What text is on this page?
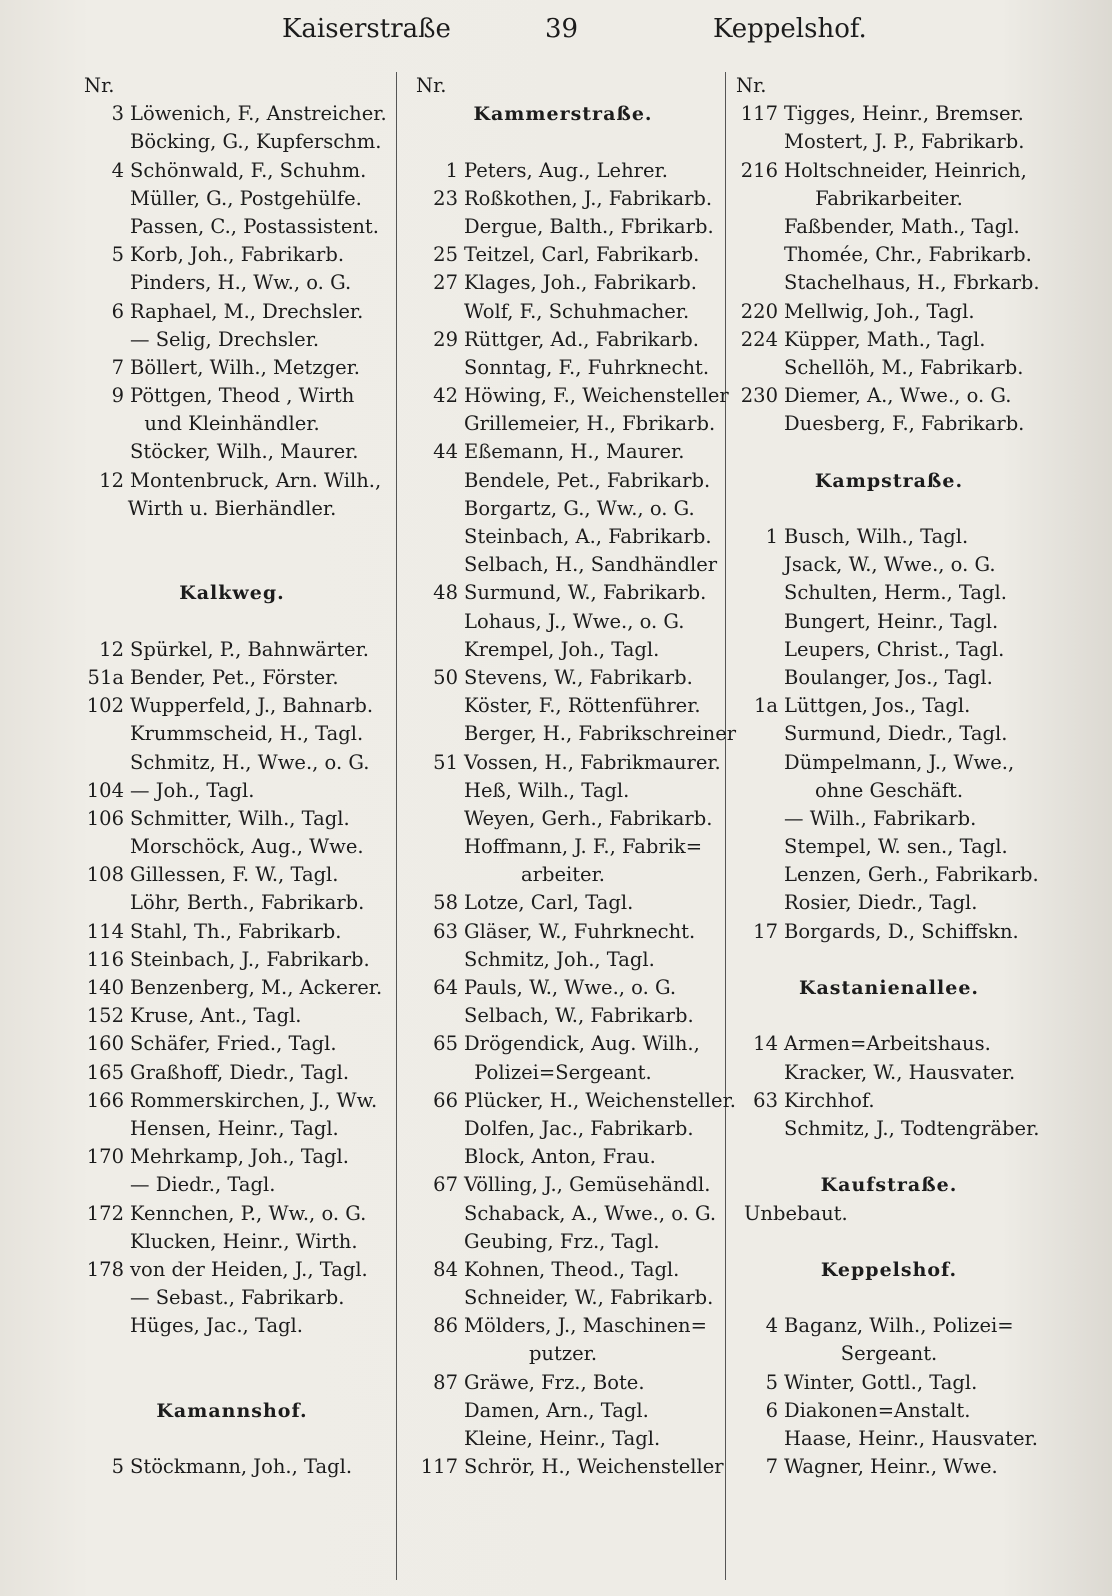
Kaiserstraße	39	Keppelshof.
Nr.
3 Löwenich, F., Anstreicher.
Böcking, G., Kupferschm.
4 Schönwald, F., Schuhm.
Müller, G., Postgehülfe.
Passen, C., Postassistent.
5 Korb, Joh., Fabrikarb.
Pinders, H., Ww., o. G.
6 Raphael, M., Drechsler.
— Selig, Drechsler.
7 Böllert, Wilh., Metzger.
9 Pöttgen, Theod , Wirth
und Kleinhändler.
Stöcker, Wilh., Maurer.
12 Montenbruck, Arn. Wilh.,
Wirth u. Bierhändler.
Kalkweg.
12 Spürkel, P., Bahnwärter.
51a Bender, Pet., Förster.
102 Wupperfeld, J., Bahnarb.
Krummscheid, H., Tagl.
Schmitz, H., Wwe., o. G.
104 — Joh., Tagl.
106 Schmitter, Wilh., Tagl.
Morschöck, Aug., Wwe.
108 Gillessen, F. W., Tagl.
Löhr, Berth., Fabrikarb.
114 Stahl, Th., Fabrikarb.
116 Steinbach, J., Fabrikarb.
140 Benzenberg, M., Ackerer.
152 Kruse, Ant., Tagl.
160 Schäfer, Fried., Tagl.
165 Graßhoff, Diedr., Tagl.
166 Rommerskirchen, J., Ww.
Hensen, Heinr., Tagl.
170 Mehrkamp, Joh., Tagl.
— Diedr., Tagl.
172 Kennchen, P., Ww., o. G.
Klucken, Heinr., Wirth.
178 von der Heiden, J., Tagl.
— Sebast., Fabrikarb.
Hüges, Jac., Tagl.
Kamannshof.
5 Stöckmann, Joh., Tagl.
Nr.
Kammerstraße.
1 Peters, Aug., Lehrer.
23 Roßkothen, J., Fabrikarb.
Dergue, Balth., Fbrikarb.
25 Teitzel, Carl, Fabrikarb.
27 Klages, Joh., Fabrikarb.
Wolf, F., Schuhmacher.
29 Rüttger, Ad., Fabrikarb.
Sonntag, F., Fuhrknecht.
42 Höwing, F., Weichensteller
Grillemeier, H., Fbrikarb.
44 Eßemann, H., Maurer.
Bendele, Pet., Fabrikarb.
Borgartz, G., Ww., o. G.
Steinbach, A., Fabrikarb.
Selbach, H., Sandhändler
48 Surmund, W., Fabrikarb.
Lohaus, J., Wwe., o. G.
Krempel, Joh., Tagl.
50 Stevens, W., Fabrikarb.
Köster, F., Röttenführer.
Berger, H., Fabrikschreiner
51 Vossen, H., Fabrikmaurer.
Heß, Wilh., Tagl.
Weyen, Gerh., Fabrikarb.
Hoffmann, J. F., Fabrik=
arbeiter.
58 Lotze, Carl, Tagl.
63 Gläser, W., Fuhrknecht.
Schmitz, Joh., Tagl.
64 Pauls, W., Wwe., o. G.
Selbach, W., Fabrikarb.
65 Drögendick, Aug. Wilh.,
Polizei=Sergeant.
66 Plücker, H., Weichensteller.
Dolfen, Jac., Fabrikarb.
Block, Anton, Frau.
67 Völling, J., Gemüsehändl.
Schaback, A., Wwe., o. G.
Geubing, Frz., Tagl.
84 Kohnen, Theod., Tagl.
Schneider, W., Fabrikarb.
86 Mölders, J., Maschinen=
putzer.
87 Gräwe, Frz., Bote.
Damen, Arn., Tagl.
Kleine, Heinr., Tagl.
117 Schrör, H., Weichensteller
Nr.
117 Tigges, Heinr., Bremser.
Mostert, J. P., Fabrikarb.
216 Holtschneider, Heinrich,
Fabrikarbeiter.
Faßbender, Math., Tagl.
Thomée, Chr., Fabrikarb.
Stachelhaus, H., Fbrkarb.
220 Mellwig, Joh., Tagl.
224 Küpper, Math., Tagl.
Schellöh, M., Fabrikarb.
230 Diemer, A., Wwe., o. G.
Duesberg, F., Fabrikarb.
Kampstraße.
1 Busch, Wilh., Tagl.
Jsack, W., Wwe., o. G.
Schulten, Herm., Tagl.
Bungert, Heinr., Tagl.
Leupers, Christ., Tagl.
Boulanger, Jos., Tagl.
1a Lüttgen, Jos., Tagl.
Surmund, Diedr., Tagl.
Dümpelmann, J., Wwe.,
ohne Geschäft.
— Wilh., Fabrikarb.
Stempel, W. sen., Tagl.
Lenzen, Gerh., Fabrikarb.
Rosier, Diedr., Tagl.
17 Borgards, D., Schiffskn.
Kastanienallee.
14 Armen=Arbeitshaus.
Kracker, W., Hausvater.
63 Kirchhof.
Schmitz, J., Todtengräber.
Kaufstraße.
Unbebaut.
Keppelshof.
4 Baganz, Wilh., Polizei=
Sergeant.
5 Winter, Gottl., Tagl.
6 Diakonen=Anstalt.
Haase, Heinr., Hausvater.
7 Wagner, Heinr., Wwe.
